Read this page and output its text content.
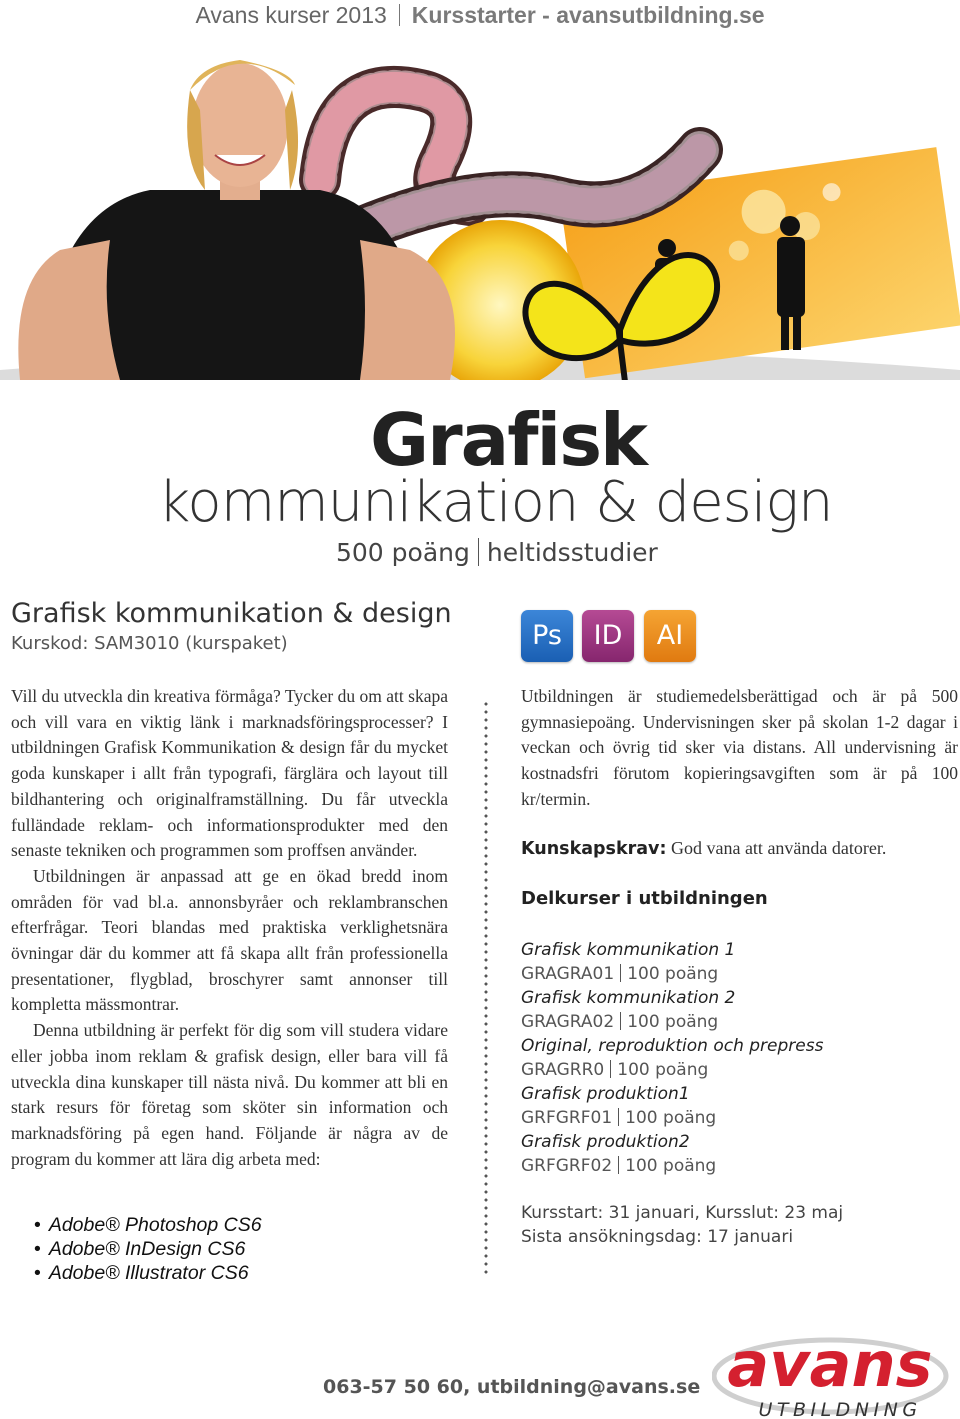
Avans kurser 2013 Kursstarter - avansutbildning.se
Grafisk
kommunikation & design
500 poäng heltidsstudier
Grafisk kommunikation & design
Kurskod: SAM3010 (kurspaket)

Vill du utveckla din kreativa förmåga? Tycker du om att skapa och vill vara en viktig länk i marknadsföringsprocesser? I utbildningen Grafisk Kommunikation & design får du mycket goda kunskaper i allt från typografi, färglära och layout till bildhantering och originalframställning. Du får utveckla fulländade reklam- och informationsprodukter med den senaste tekniken och programmen som proffsen använder.

Utbildningen är anpassad att ge en ökad bredd inom områden för vad bl.a. annonsbyråer och reklambranschen efterfrågar. Teori blandas med praktiska verklighetsnära övningar där du kommer att få skapa allt från professionella presentationer, flygblad, broschyrer samt annonser till kompletta mässmontrar.

Denna utbildning är perfekt för dig som vill studera vidare eller jobba inom reklam & grafisk design, eller bara vill få utveckla dina kunskaper till nästa nivå. Du kommer att bli en stark resurs för företag som sköter sin information och marknadsföring på egen hand. Följande är några av de program du kommer att lära dig arbeta med:

• Adobe® Photoshop CS6
• Adobe® InDesign CS6
• Adobe® Illustrator CS6
Ps	ID	AI
Utbildningen är studiemedelsberättigad och är på 500 gymnasiepoäng. Undervisningen sker på skolan 1-2 dagar i veckan och övrig tid sker via distans. All undervisning är kostnadsfri förutom kopieringsavgiften som är på 100 kr/termin.
Kunskapskrav: God vana att använda datorer.
Delkurser i utbildningen
Grafisk kommunikation 1
GRAGRA01 100 poäng
Grafisk kommunikation 2
GRAGRA02 100 poäng
Original, reproduktion och prepress
GRAGRR0 100 poäng
Grafisk produktion1
GRFGRF01 100 poäng
Grafisk produktion2
GRFGRF02 100 poäng
Kursstart: 31 januari, Kursslut: 23 maj
Sista ansökningsdag: 17 januari
063-57 50 60, utbildning@avans.se avans
UTBILDNING
